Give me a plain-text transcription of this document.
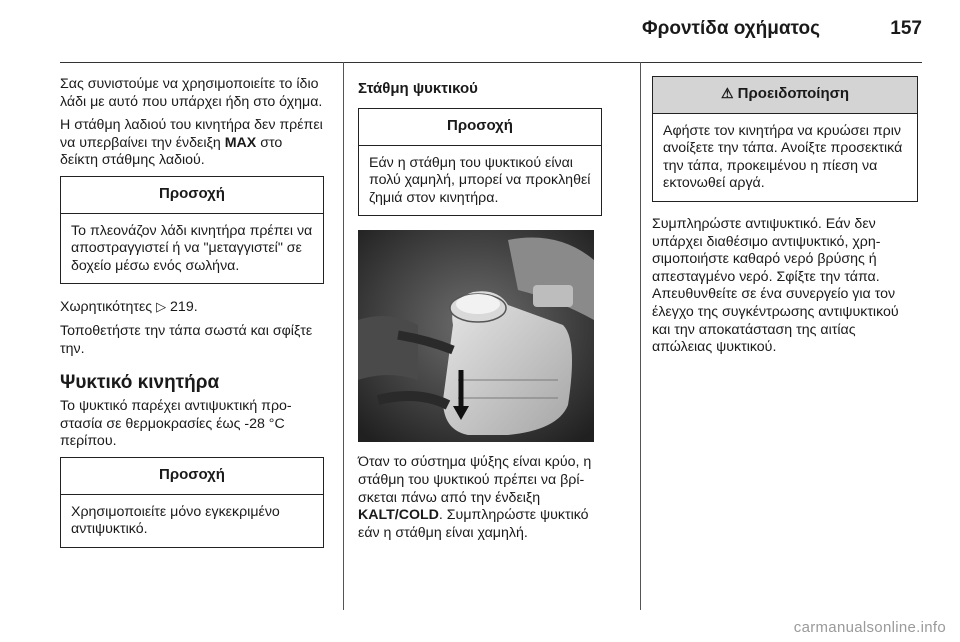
Φροντίδα οχήματος	157

Σας συνιστούμε να χρησιμοποιείτε το ίδιο λάδι με αυτό που υπάρχει ήδη στο όχημα.

Η στάθμη λαδιού του κινητήρα δεν πρέπει να υπερβαίνει την ένδειξη MAX στο δείκτη στάθμης λαδιού.

Προσοχή
Το πλεονάζον λάδι κινητήρα πρέπει να αποστραγγιστεί ή να "μεταγγιστεί" σε δοχείο μέσω ενός σωλήνα.

Χωρητικότητες ▷ 219.

Τοποθετήστε την τάπα σωστά και σφίξτε την.

Ψυκτικό κινητήρα

Το ψυκτικό παρέχει αντιψυκτική προστασία σε θερμοκρασίες έως -28 °C περίπου.

Προσοχή
Χρησιμοποιείτε μόνο εγκεκριμένο αντιψυκτικό.
Στάθμη ψυκτικού
Προσοχή
Εάν η στάθμη του ψυκτικού είναι πολύ χαμηλή, μπορεί να προκληθεί ζημιά στον κινητήρα.

Όταν το σύστημα ψύξης είναι κρύο, η στάθμη του ψυκτικού πρέπει να βρίσκεται πάνω από την ένδειξη KALT/COLD. Συμπληρώστε ψυκτικό εάν η στάθμη είναι χαμηλή.

⚠ Προειδοποίηση
Αφήστε τον κινητήρα να κρυώσει πριν ανοίξετε την τάπα. Ανοίξτε προσεκτικά την τάπα, προκειμένου η πίεση να εκτονωθεί αργά.

Συμπληρώστε αντιψυκτικό. Εάν δεν υπάρχει διαθέσιμο αντιψυκτικό, χρησιμοποιήστε καθαρό νερό βρύσης ή απεσταγμένο νερό. Σφίξτε την τάπα. Απευθυνθείτε σε ένα συνεργείο για τον έλεγχο της συγκέντρωσης αντιψυκτικού και την αποκατάσταση της αιτίας απώλειας ψυκτικού.

carmanualsonline.info
